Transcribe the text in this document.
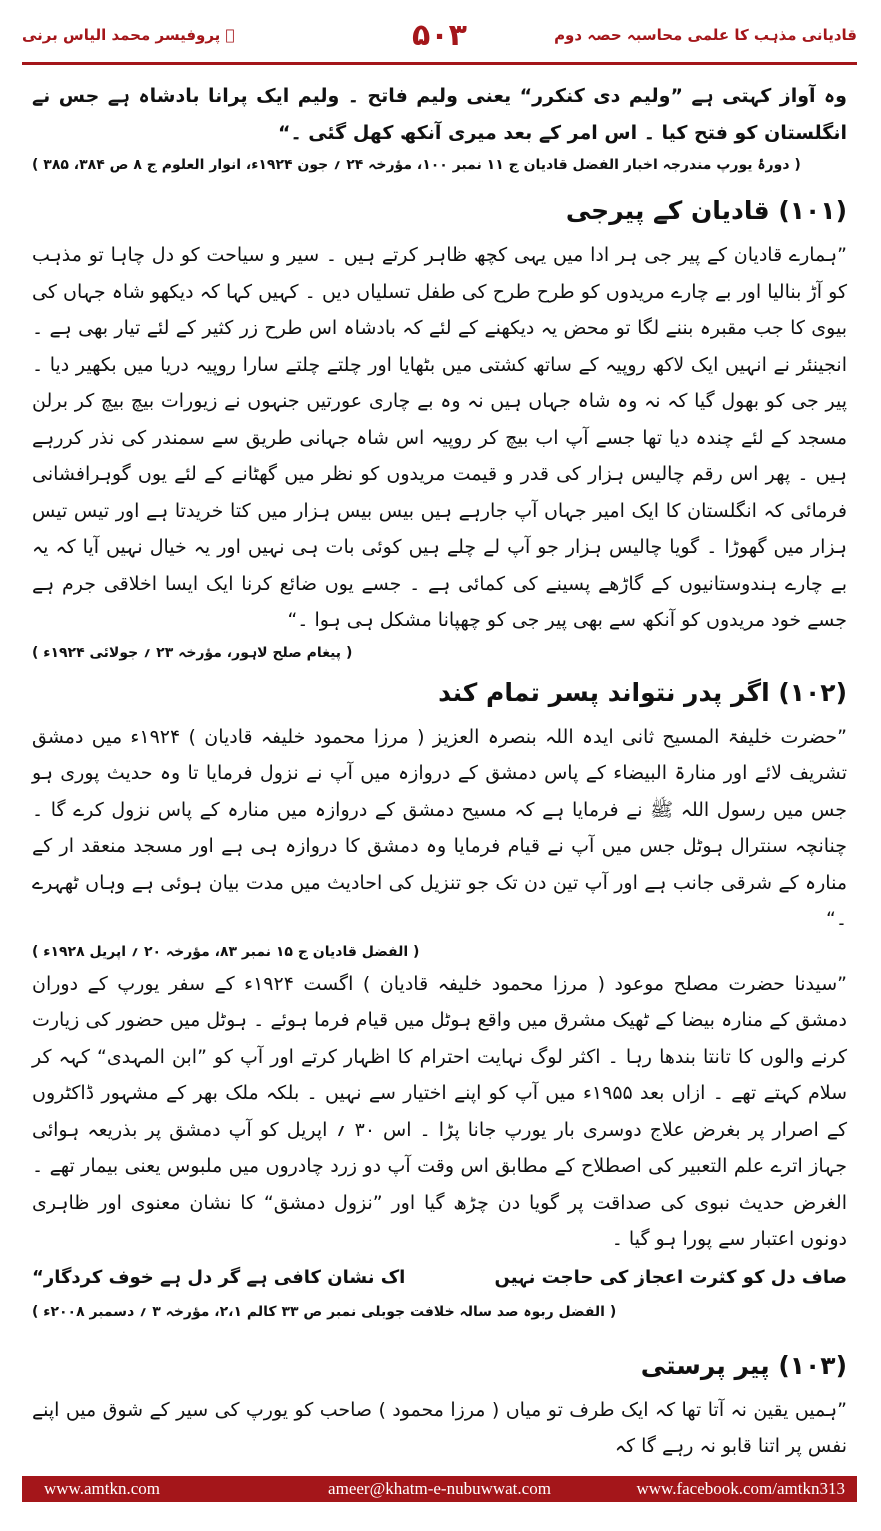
پروفیسر محمد الیاس برنی ﷫	۵۰۳	قادیانی مذہب کا علمی محاسبہ حصہ دوم

وہ آواز کہتی ہے ”ولیم دی کنکرر“ یعنی ولیم فاتح ۔ ولیم ایک پرانا بادشاہ ہے جس نے انگلستان کو فتح کیا ۔ اس امر کے بعد میری آنکھ کھل گئی ۔“

( دورۂ یورپ مندرجہ اخبار الفضل قادیان ج ۱۱ نمبر ۱۰۰، مؤرخہ ۲۴ ؍ جون ۱۹۲۴ء، انوار العلوم ج ۸ ص ۳۸۴، ۳۸۵ )

(۱۰۱) قادیان کے پیرجی

”ہمارے قادیان کے پیر جی ہر ادا میں یہی کچھ ظاہر کرتے ہیں ۔ سیر و سیاحت کو دل چاہا تو مذہب کو آڑ بنالیا اور بے چارے مریدوں کو طرح طرح کی طفل تسلیاں دیں ۔ کہیں کہا کہ دیکھو شاہ جہاں کی بیوی کا جب مقبرہ بننے لگا تو محض یہ دیکھنے کے لئے کہ بادشاہ اس طرح زر کثیر کے لئے تیار بھی ہے ۔ انجینئر نے انہیں ایک لاکھ روپیہ کے ساتھ کشتی میں بٹھایا اور چلتے چلتے سارا روپیہ دریا میں بکھیر دیا ۔ پیر جی کو بھول گیا کہ نہ وہ شاہ جہاں ہیں نہ وہ بے چاری عورتیں جنہوں نے زیورات بیچ بیچ کر برلن مسجد کے لئے چندہ دیا تھا جسے آپ اب بیچ کر روپیہ اس شاہ جہانی طریق سے سمندر کی نذر کررہے ہیں ۔ پھر اس رقم چالیس ہزار کی قدر و قیمت مریدوں کو نظر میں گھٹانے کے لئے یوں گوہرافشانی فرمائی کہ انگلستان کا ایک امیر جہاں آپ جارہے ہیں بیس بیس ہزار میں کتا خریدتا ہے اور تیس تیس ہزار میں گھوڑا ۔ گویا چالیس ہزار جو آپ لے چلے ہیں کوئی بات ہی نہیں اور یہ خیال نہیں آیا کہ یہ بے چارے ہندوستانیوں کے گاڑھے پسینے کی کمائی ہے ۔ جسے یوں ضائع کرنا ایک ایسا اخلاقی جرم ہے جسے خود مریدوں کو آنکھ سے بھی پیر جی کو چھپانا مشکل ہی ہوا ۔“

( پیغام صلح لاہور، مؤرخہ ۲۳ ؍ جولائی ۱۹۲۴ء )

(۱۰۲) اگر پدر نتواند پسر تمام کند

”حضرت خلیفۃ المسیح ثانی ایدہ اللہ بنصرہ العزیز ( مرزا محمود خلیفہ قادیان ) ۱۹۲۴ء میں دمشق تشریف لائے اور منارۃ البیضاء کے پاس دمشق کے دروازہ میں آپ نے نزول فرمایا تا وہ حدیث پوری ہو جس میں رسول اللہ ﷺ نے فرمایا ہے کہ مسیح دمشق کے دروازہ میں منارہ کے پاس نزول کرے گا ۔ چنانچہ سنترال ہوٹل جس میں آپ نے قیام فرمایا وہ دمشق کا دروازہ ہی ہے اور مسجد منعقد ار کے منارہ کے شرقی جانب ہے اور آپ تین دن تک جو تنزیل کی احادیث میں مدت بیان ہوئی ہے وہاں ٹھہرے ۔“

( الفضل قادیان ج ۱۵ نمبر ۸۳، مؤرخہ ۲۰ ؍ اپریل ۱۹۲۸ء )

”سیدنا حضرت مصلح موعود ( مرزا محمود خلیفہ قادیان ) اگست ۱۹۲۴ء کے سفر یورپ کے دوران دمشق کے منارہ بیضا کے ٹھیک مشرق میں واقع ہوٹل میں قیام فرما ہوئے ۔ ہوٹل میں حضور کی زیارت کرنے والوں کا تانتا بندھا رہا ۔ اکثر لوگ نہایت احترام کا اظہار کرتے اور آپ کو ”ابن المہدی“ کہہ کر سلام کہتے تھے ۔ ازاں بعد ۱۹۵۵ء میں آپ کو اپنے اختیار سے نہیں ۔ بلکہ ملک بھر کے مشہور ڈاکٹروں کے اصرار پر بغرض علاج دوسری بار یورپ جانا پڑا ۔ اس ۳۰ ؍ اپریل کو آپ دمشق پر بذریعہ ہوائی جہاز اترے علم التعبیر کی اصطلاح کے مطابق اس وقت آپ دو زرد چادروں میں ملبوس یعنی بیمار تھے ۔ الغرض حدیث نبوی کی صداقت پر گویا دن چڑھ گیا اور ”نزول دمشق“ کا نشان معنوی اور ظاہری دونوں اعتبار سے پورا ہو گیا ۔

صاف دل کو کثرت اعجاز کی حاجت نہیں
اک نشان کافی ہے گر دل ہے خوف کردگار“

( الفضل ربوہ صد سالہ خلافت جوبلی نمبر ص ۳۳ کالم ۲،۱، مؤرخہ ۳ ؍ دسمبر ۲۰۰۸ء )

(۱۰۳) پیر پرستی

”ہمیں یقین نہ آتا تھا کہ ایک طرف تو میاں ( مرزا محمود ) صاحب کو یورپ کی سیر کے شوق میں اپنے نفس پر اتنا قابو نہ رہے گا کہ

www.amtkn.com	ameer@khatm-e-nubuwwat.com	www.facebook.com/amtkn313
